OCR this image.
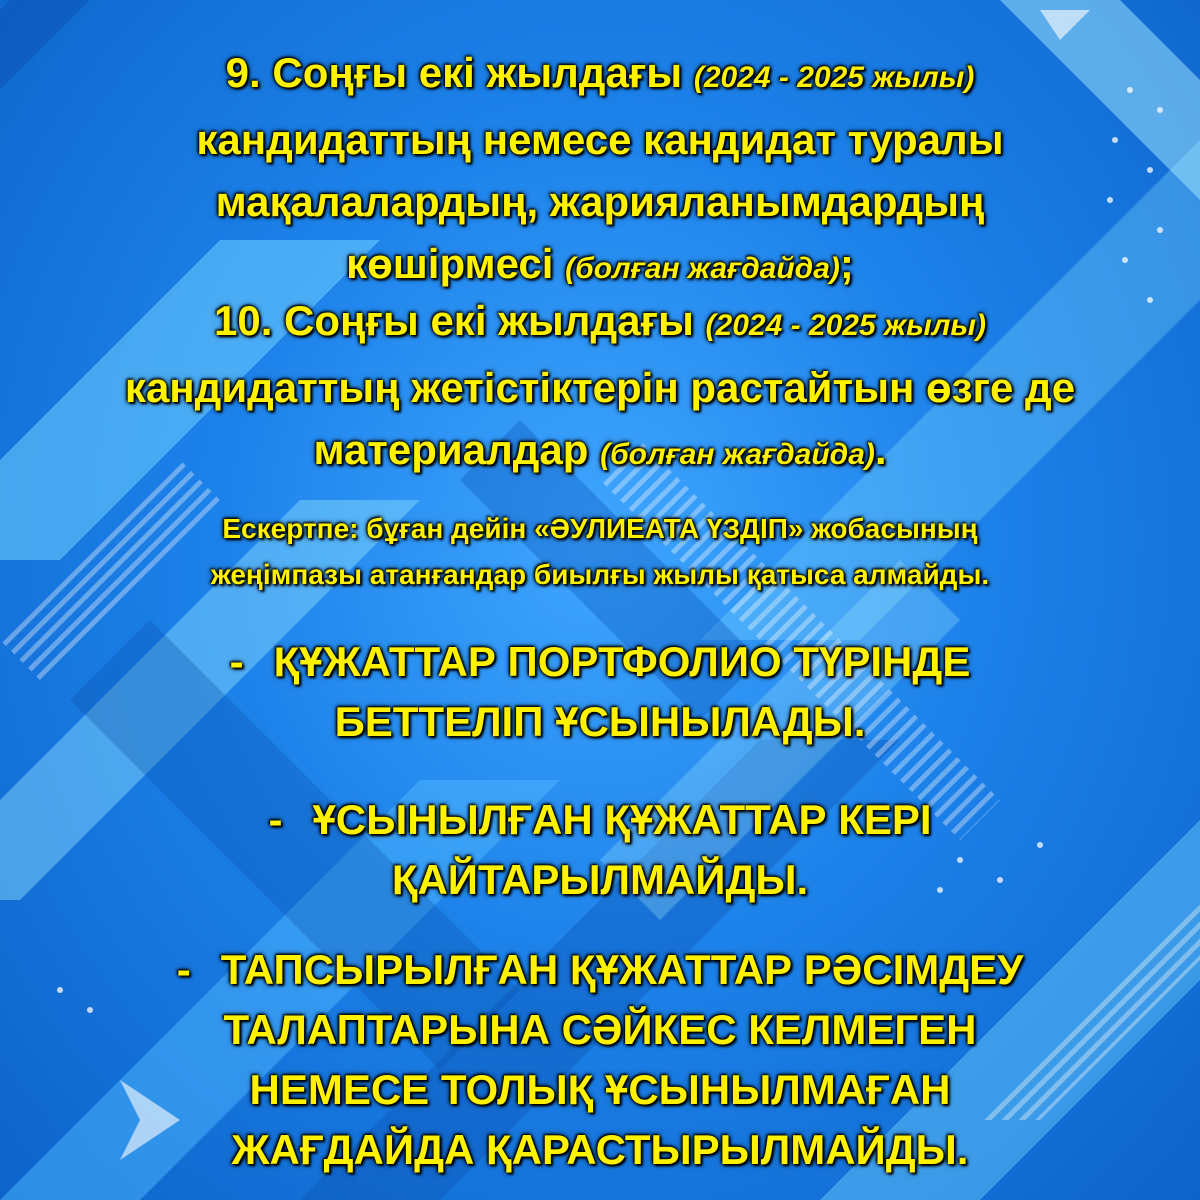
9. Соңғы екі жылдағы (2024 - 2025 жылы)
кандидаттың немесе кандидат туралы
мақалалардың, жарияланымдардың
көшірмесі (болған жағдайда);
10. Соңғы екі жылдағы (2024 - 2025 жылы)
кандидаттың жетістіктерін растайтын өзге де
материалдар (болған жағдайда).
Ескертпе: бұған дейін «ӘУЛИЕАТА ҮЗДІП» жобасының
жеңімпазы атанғандар биылғы жылы қатыса алмайды.
- ҚҰЖАТТАР ПОРТФОЛИО ТҮРІНДЕ
БЕТТЕЛІП ҰСЫНЫЛАДЫ.
- ҰСЫНЫЛҒАН ҚҰЖАТТАР КЕРІ
ҚАЙТАРЫЛМАЙДЫ.
- ТАПСЫРЫЛҒАН ҚҰЖАТТАР РӘСІМДЕУ
ТАЛАПТАРЫНА СӘЙКЕС КЕЛМЕГЕН
НЕМЕСЕ ТОЛЫҚ ҰСЫНЫЛМАҒАН
ЖАҒДАЙДА ҚАРАСТЫРЫЛМАЙДЫ.
